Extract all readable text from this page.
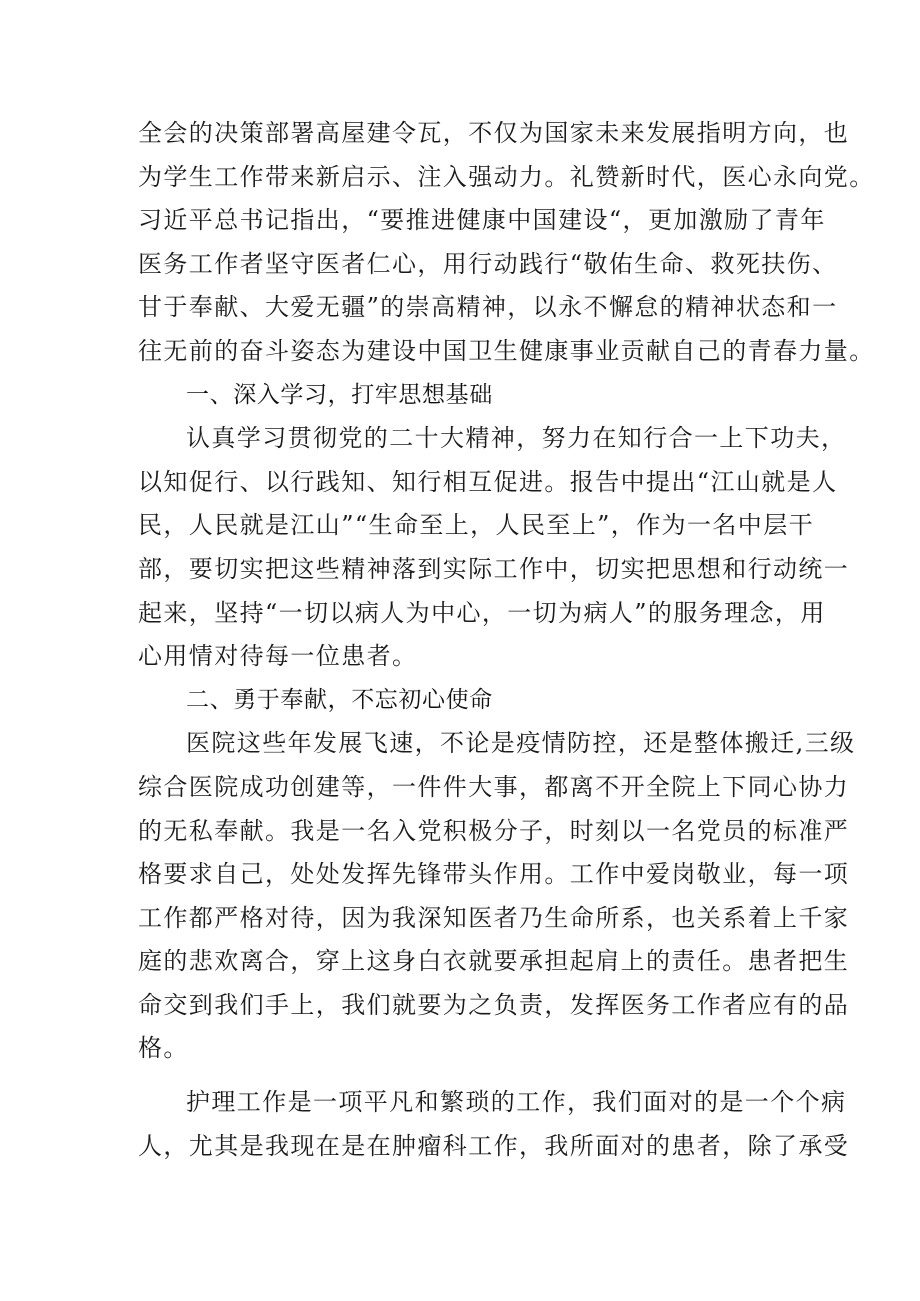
全会的决策部署高屋建令瓦，不仅为国家未来发展指明方向，也
为学生工作带来新启示、注入强动力。礼赞新时代，医心永向党。
习近平总书记指出，“要推进健康中国建设“，更加激励了青年
医务工作者坚守医者仁心，用行动践行“敬佑生命、救死扶伤、
甘于奉献、大爱无疆”的崇高精神，以永不懈怠的精神状态和一
往无前的奋斗姿态为建设中国卫生健康事业贡献自己的青春力量。
一、深入学习，打牢思想基础
认真学习贯彻党的二十大精神，努力在知行合一上下功夫，
以知促行、以行践知、知行相互促进。报告中提出“江山就是人
民，人民就是江山”“生命至上，人民至上”，作为一名中层干
部，要切实把这些精神落到实际工作中，切实把思想和行动统一
起来，坚持“一切以病人为中心，一切为病人”的服务理念，用
心用情对待每一位患者。
二、勇于奉献，不忘初心使命
医院这些年发展飞速，不论是疫情防控，还是整体搬迁,三级
综合医院成功创建等，一件件大事，都离不开全院上下同心协力
的无私奉献。我是一名入党积极分子，时刻以一名党员的标准严
格要求自己，处处发挥先锋带头作用。工作中爱岗敬业，每一项
工作都严格对待，因为我深知医者乃生命所系，也关系着上千家
庭的悲欢离合，穿上这身白衣就要承担起肩上的责任。患者把生
命交到我们手上，我们就要为之负责，发挥医务工作者应有的品
格。
护理工作是一项平凡和繁琐的工作，我们面对的是一个个病
人，尤其是我现在是在肿瘤科工作，我所面对的患者，除了承受
